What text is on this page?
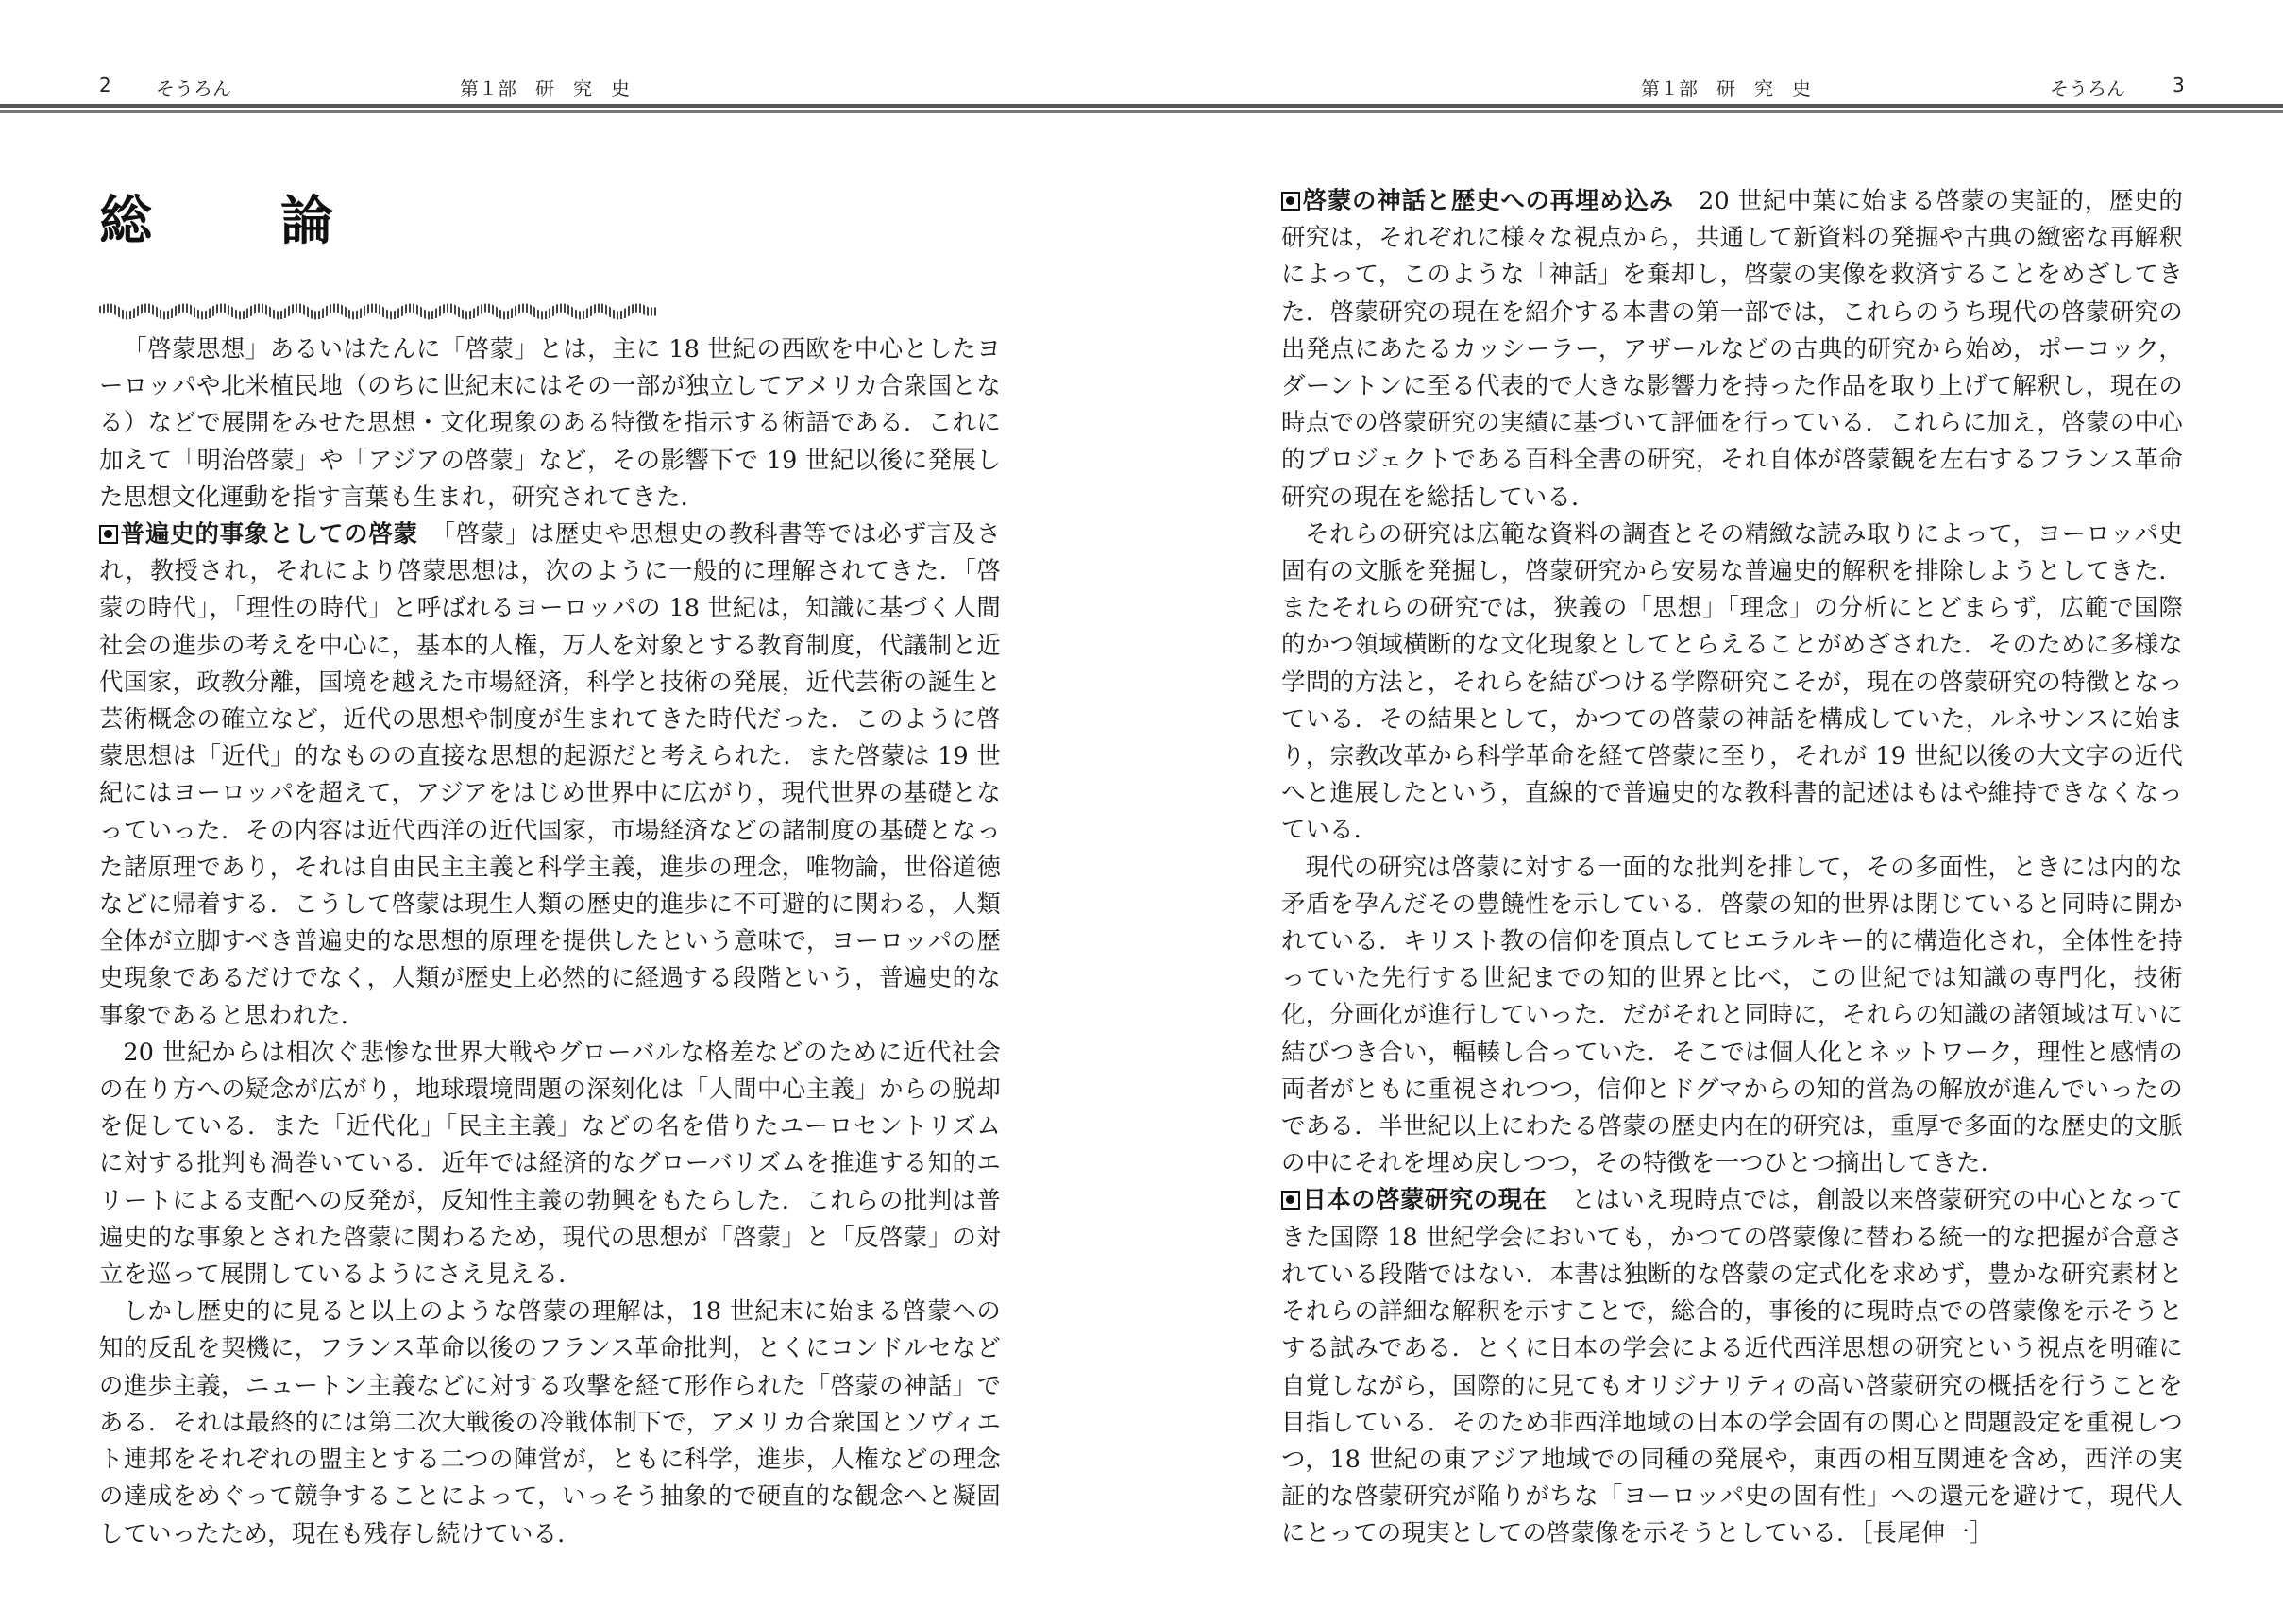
2 そうろん	第１部　研　究　史
総　論

「啓蒙思想」あるいはたんに「啓蒙」とは，主に 18 世紀の西欧を中心としたヨーロッパや北米植民地（のちに世紀末にはその一部が独立してアメリカ合衆国となる）などで展開をみせた思想・文化現象のある特徴を指示する術語である．これに加えて「明治啓蒙」や「アジアの啓蒙」など，その影響下で 19 世紀以後に発展した思想文化運動を指す言葉も生まれ，研究されてきた．

普遍史的事象としての啓蒙　 「啓蒙」は歴史や思想史の教科書等では必ず言及され，教授され，それにより啓蒙思想は，次のように一般的に理解されてきた．「啓蒙の時代」，「理性の時代」と呼ばれるヨーロッパの 18 世紀は，知識に基づく人間社会の進歩の考えを中心に，基本的人権，万人を対象とする教育制度，代議制と近代国家，政教分離，国境を越えた市場経済，科学と技術の発展，近代芸術の誕生と芸術概念の確立など，近代の思想や制度が生まれてきた時代だった．このように啓蒙思想は「近代」的なものの直接な思想的起源だと考えられた．また啓蒙は 19 世紀にはヨーロッパを超えて，アジアをはじめ世界中に広がり，現代世界の基礎となっていった．その内容は近代西洋の近代国家，市場経済などの諸制度の基礎となった諸原理であり，それは自由民主主義と科学主義，進歩の理念，唯物論，世俗道徳などに帰着する．こうして啓蒙は現生人類の歴史的進歩に不可避的に関わる，人類全体が立脚すべき普遍史的な思想的原理を提供したという意味で，ヨーロッパの歴史現象であるだけでなく，人類が歴史上必然的に経過する段階という，普遍史的な事象であると思われた．

20 世紀からは相次ぐ悲惨な世界大戦やグローバルな格差などのために近代社会の在り方への疑念が広がり，地球環境問題の深刻化は「人間中心主義」からの脱却を促している．また「近代化」「民主主義」などの名を借りたユーロセントリズムに対する批判も渦巻いている．近年では経済的なグローバリズムを推進する知的エリートによる支配への反発が，反知性主義の勃興をもたらした．これらの批判は普遍史的な事象とされた啓蒙に関わるため，現代の思想が「啓蒙」と「反啓蒙」の対立を巡って展開しているようにさえ見える．

しかし歴史的に見ると以上のような啓蒙の理解は，18 世紀末に始まる啓蒙への知的反乱を契機に，フランス革命以後のフランス革命批判，とくにコンドルセなどの進歩主義，ニュートン主義などに対する攻撃を経て形作られた「啓蒙の神話」である．それは最終的には第二次大戦後の冷戦体制下で，アメリカ合衆国とソヴィエト連邦をそれぞれの盟主とする二つの陣営が，ともに科学，進歩，人権などの理念の達成をめぐって競争することによって，いっそう抽象的で硬直的な観念へと凝固していったため，現在も残存し続けている．

第１部　研　究　史	そうろん	3

啓蒙の神話と歴史への再埋め込み　 20 世紀中葉に始まる啓蒙の実証的，歴史的研究は，それぞれに様々な視点から，共通して新資料の発掘や古典の緻密な再解釈によって，このような「神話」を棄却し，啓蒙の実像を救済することをめざしてきた．啓蒙研究の現在を紹介する本書の第一部では，これらのうち現代の啓蒙研究の出発点にあたるカッシーラー，アザールなどの古典的研究から始め，ポーコック，ダーントンに至る代表的で大きな影響力を持った作品を取り上げて解釈し，現在の時点での啓蒙研究の実績に基づいて評価を行っている．これらに加え，啓蒙の中心的プロジェクトである百科全書の研究，それ自体が啓蒙観を左右するフランス革命研究の現在を総括している．

それらの研究は広範な資料の調査とその精緻な読み取りによって，ヨーロッパ史固有の文脈を発掘し，啓蒙研究から安易な普遍史的解釈を排除しようとしてきた．またそれらの研究では，狭義の「思想」「理念」の分析にとどまらず，広範で国際的かつ領域横断的な文化現象としてとらえることがめざされた．そのために多様な学問的方法と，それらを結びつける学際研究こそが，現在の啓蒙研究の特徴となっている．その結果として，かつての啓蒙の神話を構成していた，ルネサンスに始まり，宗教改革から科学革命を経て啓蒙に至り，それが 19 世紀以後の大文字の近代へと進展したという，直線的で普遍史的な教科書的記述はもはや維持できなくなっている．

現代の研究は啓蒙に対する一面的な批判を排して，その多面性，ときには内的な矛盾を孕んだその豊饒性を示している．啓蒙の知的世界は閉じていると同時に開かれている．キリスト教の信仰を頂点してヒエラルキー的に構造化され，全体性を持っていた先行する世紀までの知的世界と比べ，この世紀では知識の専門化，技術化，分画化が進行していった．だがそれと同時に，それらの知識の諸領域は互いに結びつき合い，輻輳し合っていた．そこでは個人化とネットワーク，理性と感情の両者がともに重視されつつ，信仰とドグマからの知的営為の解放が進んでいったのである．半世紀以上にわたる啓蒙の歴史内在的研究は，重厚で多面的な歴史的文脈の中にそれを埋め戻しつつ，その特徴を一つひとつ摘出してきた．

日本の啓蒙研究の現在　 とはいえ現時点では，創設以来啓蒙研究の中心となってきた国際 18 世紀学会においても，かつての啓蒙像に替わる統一的な把握が合意されている段階ではない．本書は独断的な啓蒙の定式化を求めず，豊かな研究素材とそれらの詳細な解釈を示すことで，総合的，事後的に現時点での啓蒙像を示そうとする試みである．とくに日本の学会による近代西洋思想の研究という視点を明確に自覚しながら，国際的に見てもオリジナリティの高い啓蒙研究の概括を行うことを目指している．そのため非西洋地域の日本の学会固有の関心と問題設定を重視しつつ，18 世紀の東アジア地域での同種の発展や，東西の相互関連を含め，西洋の実証的な啓蒙研究が陥りがちな「ヨーロッパ史の固有性」への還元を避けて，現代人にとっての現実としての啓蒙像を示そうとしている．［長尾伸一］
